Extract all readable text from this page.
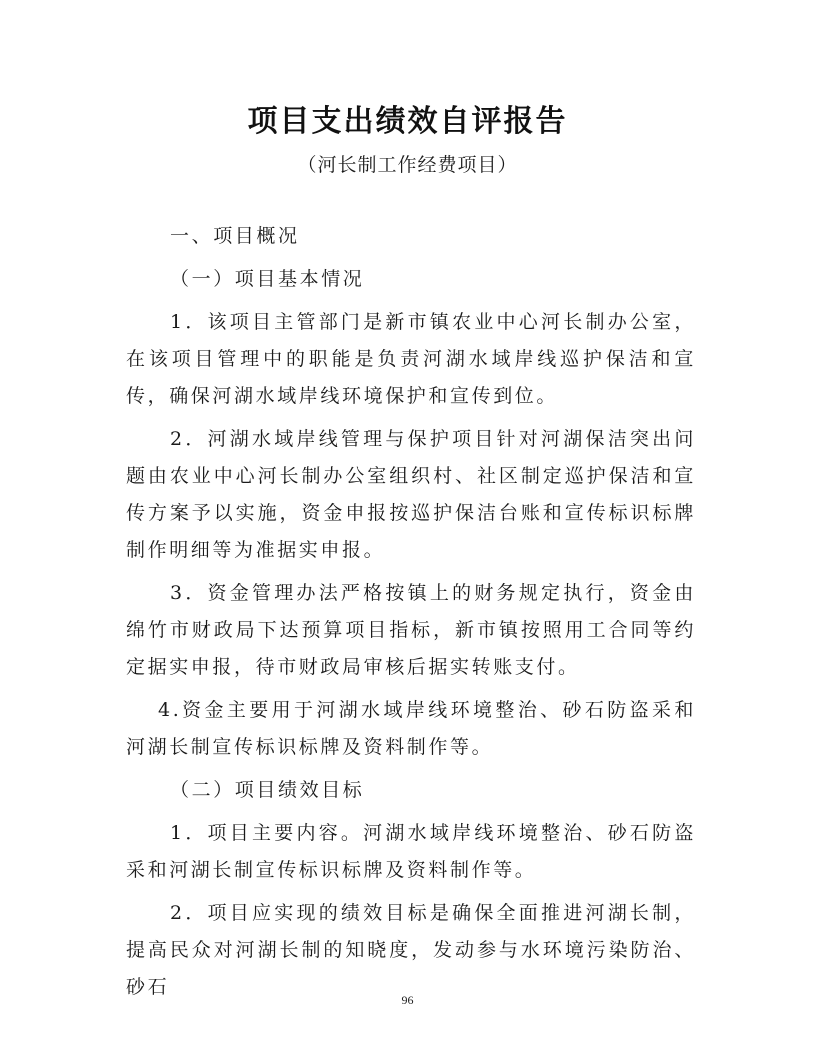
项目支出绩效自评报告
（河长制工作经费项目）

一、项目概况

（一）项目基本情况

1．该项目主管部门是新市镇农业中心河长制办公室，在该项目管理中的职能是负责河湖水域岸线巡护保洁和宣传，确保河湖水域岸线环境保护和宣传到位。

2．河湖水域岸线管理与保护项目针对河湖保洁突出问题由农业中心河长制办公室组织村、社区制定巡护保洁和宣传方案予以实施，资金申报按巡护保洁台账和宣传标识标牌制作明细等为准据实申报。

3．资金管理办法严格按镇上的财务规定执行，资金由绵竹市财政局下达预算项目指标，新市镇按照用工合同等约定据实申报，待市财政局审核后据实转账支付。

4.资金主要用于河湖水域岸线环境整治、砂石防盗采和河湖长制宣传标识标牌及资料制作等。

（二）项目绩效目标

1．项目主要内容。河湖水域岸线环境整治、砂石防盗采和河湖长制宣传标识标牌及资料制作等。

2．项目应实现的绩效目标是确保全面推进河湖长制，提高民众对河湖长制的知晓度，发动参与水环境污染防治、砂石

96
